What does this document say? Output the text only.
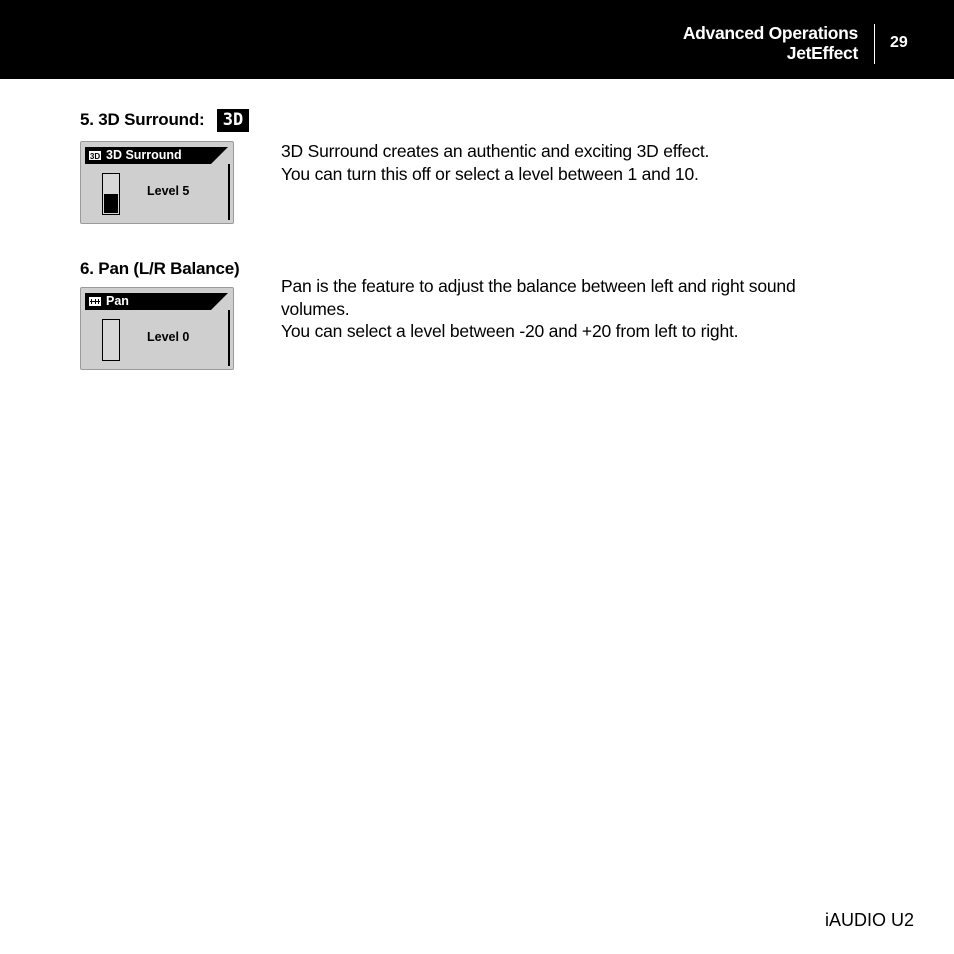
Advanced Operations
JetEffect
29
5. 3D Surround:	3D
3D 3D Surround
Level 5

3D Surround creates an authentic and exciting 3D effect.

You can turn this off or select a level between 1 and 10.

6. Pan (L/R Balance)
Pan
Level 0

Pan is the feature to adjust the balance between left and right sound volumes.

You can select a level between -20 and +20 from left to right.

iAUDIO U2
